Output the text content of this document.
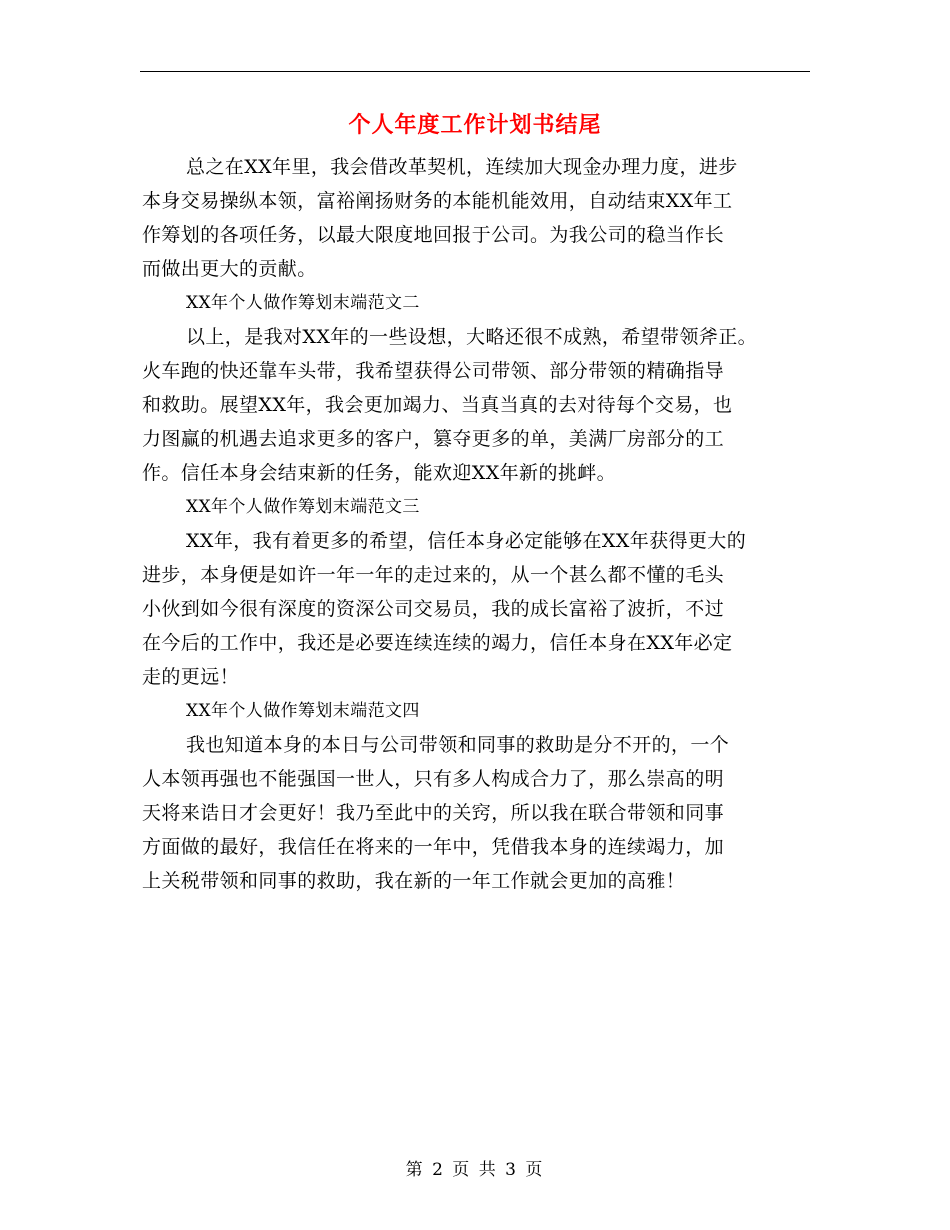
个人年度工作计划书结尾
总之在XX年里，我会借改革契机，连续加大现金办理力度，进步
本身交易操纵本领，富裕阐扬财务的本能机能效用，自动结束XX年工
作筹划的各项任务，以最大限度地回报于公司。为我公司的稳当作长
而做出更大的贡献。
XX年个人做作筹划末端范文二
以上，是我对XX年的一些设想，大略还很不成熟，希望带领斧正。
火车跑的快还靠车头带，我希望获得公司带领、部分带领的精确指导
和救助。展望XX年，我会更加竭力、当真当真的去对待每个交易，也
力图赢的机遇去追求更多的客户，篡夺更多的单，美满厂房部分的工
作。信任本身会结束新的任务，能欢迎XX年新的挑衅。
XX年个人做作筹划末端范文三
XX年，我有着更多的希望，信任本身必定能够在XX年获得更大的
进步，本身便是如许一年一年的走过来的，从一个甚么都不懂的毛头
小伙到如今很有深度的资深公司交易员，我的成长富裕了波折，不过
在今后的工作中，我还是必要连续连续的竭力，信任本身在XX年必定
走的更远！
XX年个人做作筹划末端范文四
我也知道本身的本日与公司带领和同事的救助是分不开的，一个
人本领再强也不能强国一世人，只有多人构成合力了，那么崇高的明
天将来诰日才会更好！我乃至此中的关窍，所以我在联合带领和同事
方面做的最好，我信任在将来的一年中，凭借我本身的连续竭力，加
上关税带领和同事的救助，我在新的一年工作就会更加的高雅！
第 2 页 共 3 页
